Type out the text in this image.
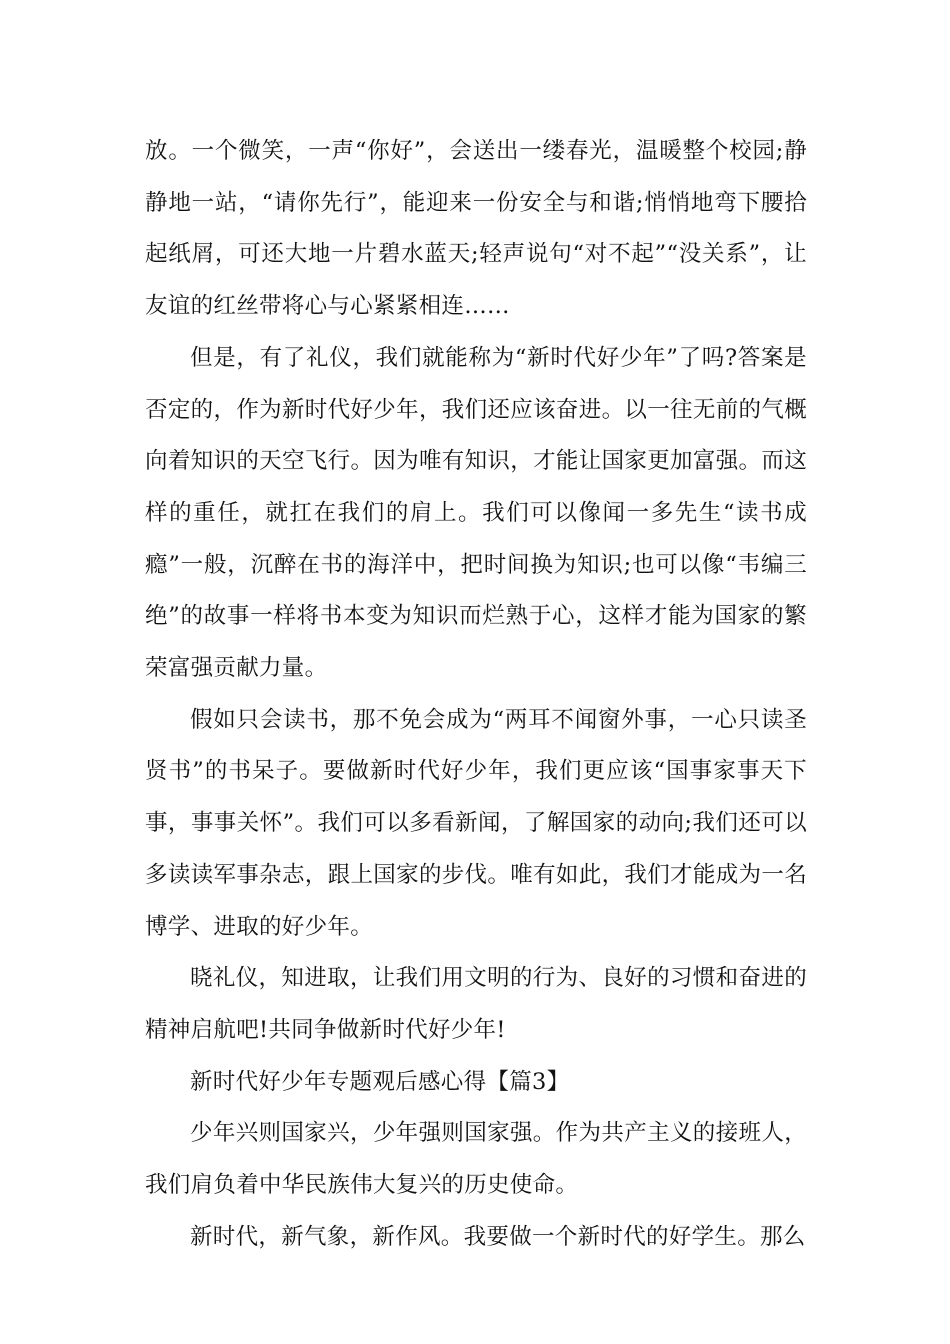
放。一个微笑，一声“你好”，会送出一缕春光，温暖整个校园;静静地一站，“请你先行”，能迎来一份安全与和谐;悄悄地弯下腰拾起纸屑，可还大地一片碧水蓝天;轻声说句“对不起”“没关系”，让友谊的红丝带将心与心紧紧相连……

但是，有了礼仪，我们就能称为“新时代好少年”了吗?答案是否定的，作为新时代好少年，我们还应该奋进。以一往无前的气概向着知识的天空飞行。因为唯有知识，才能让国家更加富强。而这样的重任，就扛在我们的肩上。我们可以像闻一多先生“读书成瘾”一般，沉醉在书的海洋中，把时间换为知识;也可以像“韦编三绝”的故事一样将书本变为知识而烂熟于心，这样才能为国家的繁荣富强贡献力量。

假如只会读书，那不免会成为“两耳不闻窗外事，一心只读圣贤书”的书呆子。要做新时代好少年，我们更应该“国事家事天下事，事事关怀”。我们可以多看新闻，了解国家的动向;我们还可以多读读军事杂志，跟上国家的步伐。唯有如此，我们才能成为一名博学、进取的好少年。

晓礼仪，知进取，让我们用文明的行为、良好的习惯和奋进的精神启航吧!共同争做新时代好少年!

新时代好少年专题观后感心得【篇3】

少年兴则国家兴，少年强则国家强。作为共产主义的接班人，我们肩负着中华民族伟大复兴的历史使命。

新时代，新气象，新作风。我要做一个新时代的好学生。那么
